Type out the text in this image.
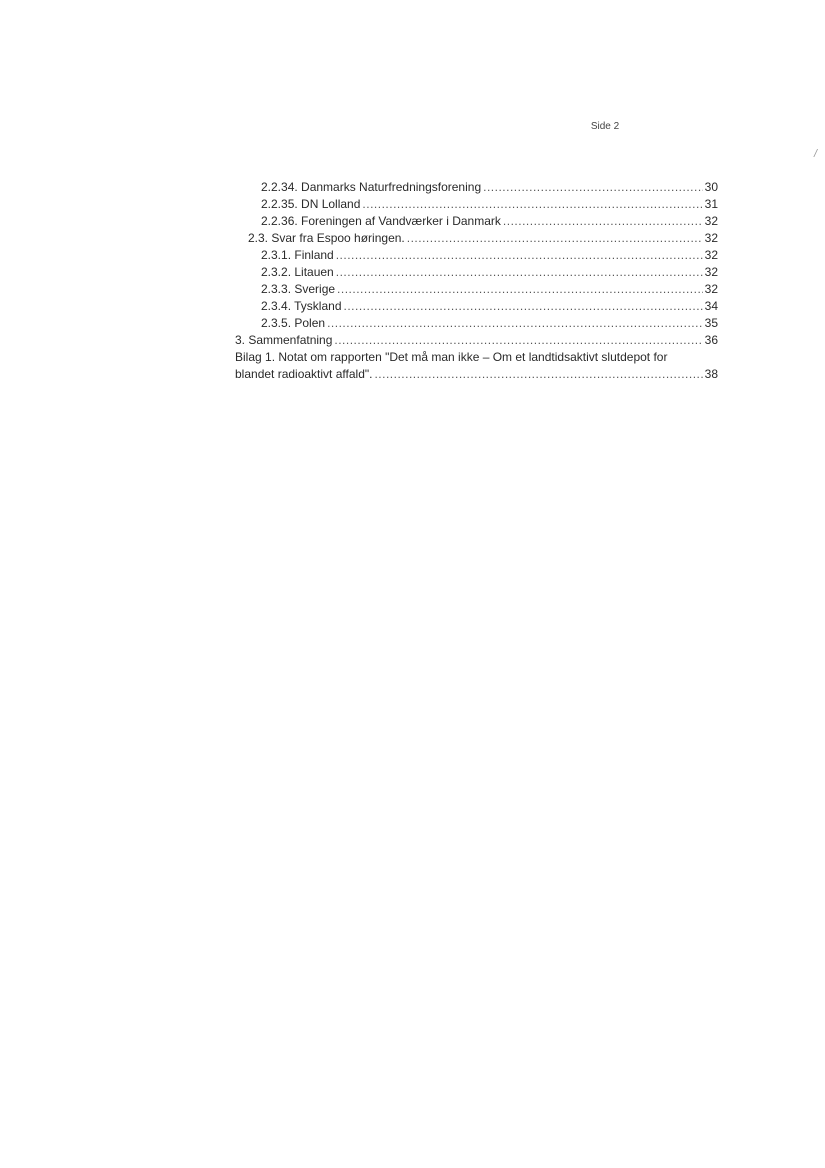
Side 2
/
2.2.34. Danmarks Naturfredningsforening .....	30
2.2.35. DN Lolland .....	31
2.2.36. Foreningen af Vandværker i Danmark .....	32
2.3. Svar fra Espoo høringen. .....	32
2.3.1. Finland .....	32
2.3.2. Litauen .....	32
2.3.3. Sverige .....	32
2.3.4. Tyskland .....	34
2.3.5. Polen .....	35
3. Sammenfatning .....	36
Bilag 1. Notat om rapporten "Det må man ikke – Om et landtidsaktivt slutdepot for
blandet radioaktivt affald". .....	38
